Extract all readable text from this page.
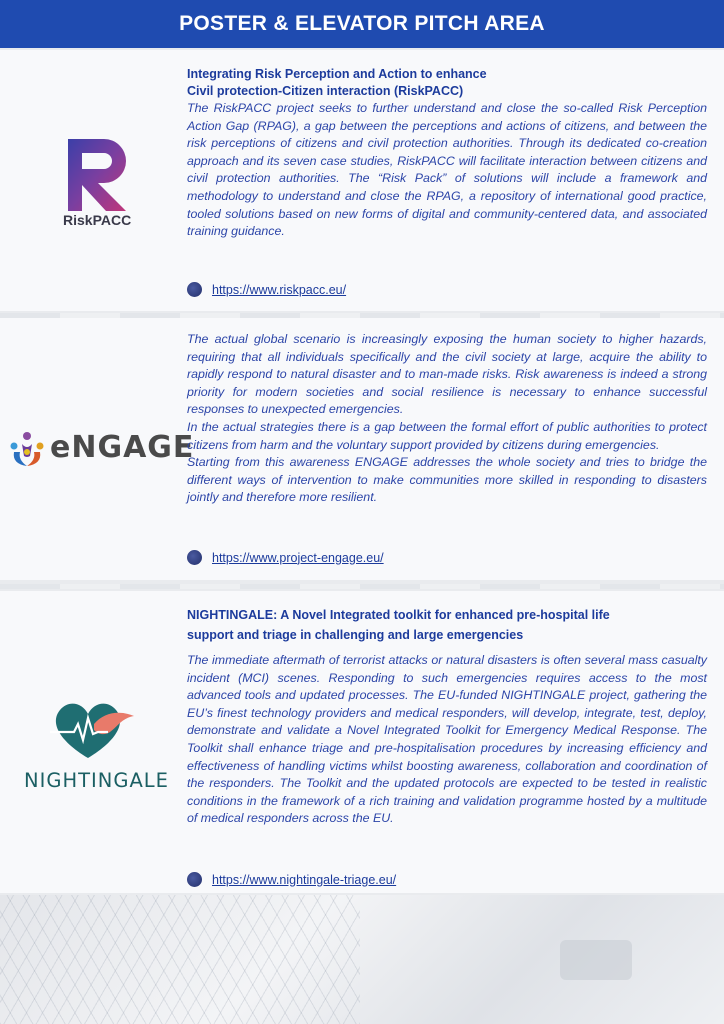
POSTER & ELEVATOR PITCH AREA
RiskPACC
Integrating Risk Perception and Action to enhance
Civil protection-Citizen interaction (RiskPACC)

The RiskPACC project seeks to further understand and close the so-called Risk Perception Action Gap (RPAG), a gap between the perceptions and actions of citizens, and between the risk perceptions of citizens and civil protection authorities. Through its dedicated co-creation approach and its seven case studies, RiskPACC will facilitate interaction between citizens and civil protection authorities. The “Risk Pack” of solutions will include a framework and methodology to understand and close the RPAG, a repository of international good practice, tooled solutions based on new forms of digital and community-centered data, and associated training guidance.

https://www.riskpacc.eu/
eNGAGE

The actual global scenario is increasingly exposing the human society to higher hazards, requiring that all individuals specifically and the civil society at large, acquire the ability to rapidly respond to natural disaster and to man-made risks. Risk awareness is indeed a strong priority for modern societies and social resilience is necessary to enhance successful responses to unexpected emergencies.

In the actual strategies there is a gap between the formal effort of public authorities to protect citizens from harm and the voluntary support provided by citizens during emergencies.

Starting from this awareness ENGAGE addresses the whole society and tries to bridge the different ways of intervention to make communities more skilled in responding to disasters jointly and therefore more resilient.

https://www.project-engage.eu/
NIGHTINGALE
NIGHTINGALE: A Novel Integrated toolkit for enhanced pre-hospital life
support and triage in challenging and large emergencies

The immediate aftermath of terrorist attacks or natural disasters is often several mass casualty incident (MCI) scenes. Responding to such emergencies requires access to the most advanced tools and updated processes. The EU-funded NIGHTINGALE project, gathering the EU’s finest technology providers and medical responders, will develop, integrate, test, deploy, demonstrate and validate a Novel Integrated Toolkit for Emergency Medical Response. The Toolkit shall enhance triage and pre-hospitalisation procedures by increasing efficiency and effectiveness of handling victims whilst boosting awareness, collaboration and coordination of the responders. The Toolkit and the updated protocols are expected to be tested in realistic conditions in the framework of a rich training and validation programme hosted by a multitude of medical responders across the EU.

https://www.nightingale-triage.eu/
